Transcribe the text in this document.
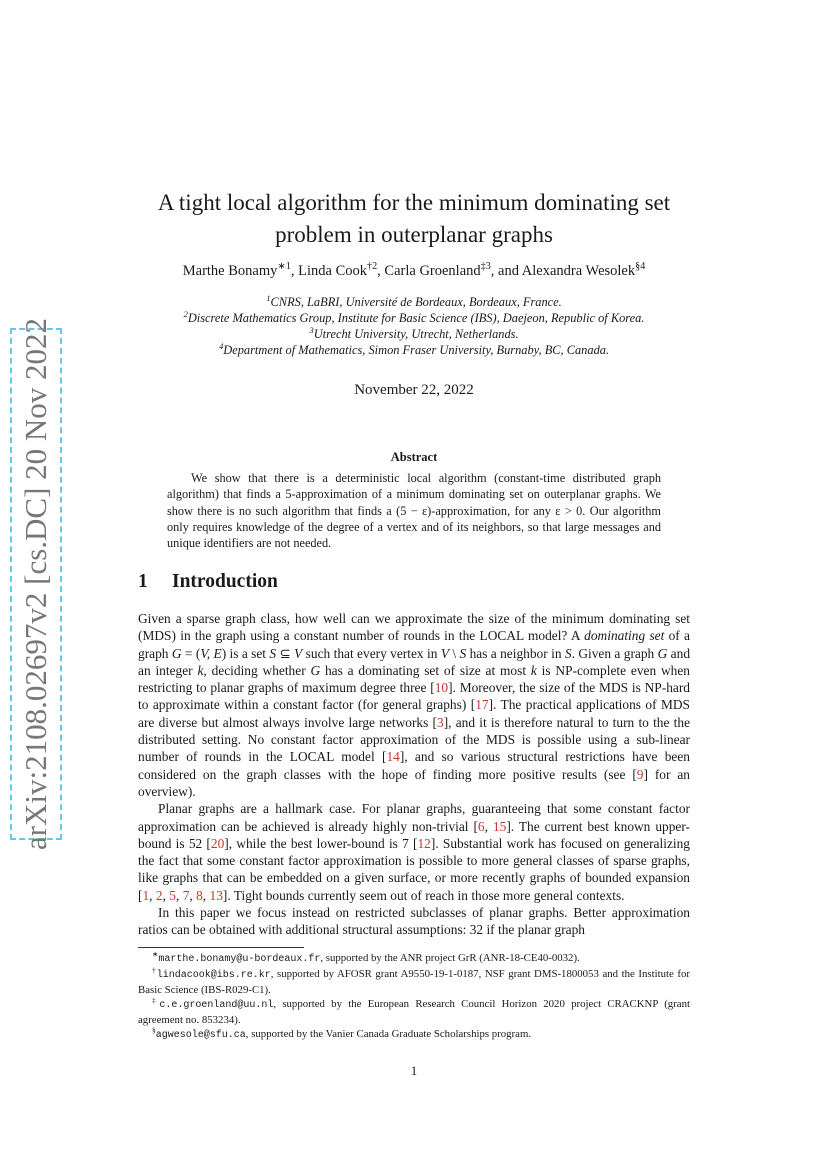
arXiv:2108.02697v2 [cs.DC] 20 Nov 2022
A tight local algorithm for the minimum dominating set problem in outerplanar graphs
Marthe Bonamy$^{∗1}$, Linda Cook$^{\dagger 2}$, Carla Groenland$^{\ddagger 3}$, and Alexandra Wesolek$^{\S 4}$
$^1$CNRS, LaBRI, Université de Bordeaux, Bordeaux, France.
$^2$Discrete Mathematics Group, Institute for Basic Science (IBS), Daejeon, Republic of Korea.
$^3$Utrecht University, Utrecht, Netherlands.
$^4$Department of Mathematics, Simon Fraser University, Burnaby, BC, Canada.
November 22, 2022
Abstract
We show that there is a deterministic local algorithm (constant-time distributed graph algorithm) that finds a 5-approximation of a minimum dominating set on outerplanar graphs. We show there is no such algorithm that finds a (5 − ε)-approximation, for any ε > 0. Our algorithm only requires knowledge of the degree of a vertex and of its neighbors, so that large messages and unique identifiers are not needed.
1 Introduction

Given a sparse graph class, how well can we approximate the size of the minimum dominating set (MDS) in the graph using a constant number of rounds in the LOCAL model? A dominating set of a graph G = (V, E) is a set S ⊆ V such that every vertex in V \ S has a neighbor in S. Given a graph G and an integer k, deciding whether G has a dominating set of size at most k is NP-complete even when restricting to planar graphs of maximum degree three [10]. Moreover, the size of the MDS is NP-hard to approximate within a constant factor (for general graphs) [17]. The practical applications of MDS are diverse but almost always involve large networks [3], and it is therefore natural to turn to the the distributed setting. No constant factor approximation of the MDS is possible using a sub-linear number of rounds in the LOCAL model [14], and so various structural restrictions have been considered on the graph classes with the hope of finding more positive results (see [9] for an overview).

Planar graphs are a hallmark case. For planar graphs, guaranteeing that some constant factor approximation can be achieved is already highly non-trivial [6, 15]. The current best known upper-bound is 52 [20], while the best lower-bound is 7 [12]. Substantial work has focused on generalizing the fact that some constant factor approximation is possible to more general classes of sparse graphs, like graphs that can be embedded on a given surface, or more recently graphs of bounded expansion [1, 2, 5, 7, 8, 13]. Tight bounds currently seem out of reach in those more general contexts.

In this paper we focus instead on restricted subclasses of planar graphs. Better approximation ratios can be obtained with additional structural assumptions: 32 if the planar graph

∗marthe.bonamy@u-bordeaux.fr, supported by the ANR project GrR (ANR-18-CE40-0032).

†lindacook@ibs.re.kr, supported by AFOSR grant A9550-19-1-0187, NSF grant DMS-1800053 and the Institute for Basic Science (IBS-R029-C1).

‡c.e.groenland@uu.nl, supported by the European Research Council Horizon 2020 project CRACKNP (grant agreement no. 853234).

§agwesole@sfu.ca, supported by the Vanier Canada Graduate Scholarships program.

1
